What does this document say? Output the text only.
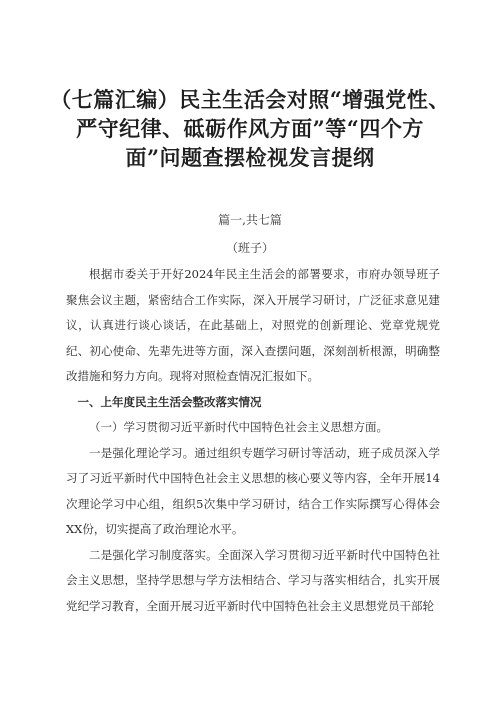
（七篇汇编）民主生活会对照“增强党性、严守纪律、砥砺作风方面”等“四个方面”问题查摆检视发言提纲

篇一,共七篇

（班子）

根据市委关于开好2024年民主生活会的部署要求，市府办领导班子聚焦会议主题，紧密结合工作实际，深入开展学习研讨，广泛征求意见建议，认真进行谈心谈话，在此基础上，对照党的创新理论、党章党规党纪、初心使命、先辈先进等方面，深入查摆问题，深刻剖析根源，明确整改措施和努力方向。现将对照检查情况汇报如下。

一、上年度民主生活会整改落实情况

（一）学习贯彻习近平新时代中国特色社会主义思想方面。

一是强化理论学习。通过组织专题学习研讨等活动，班子成员深入学习了习近平新时代中国特色社会主义思想的核心要义等内容，全年开展14次理论学习中心组，组织5次集中学习研讨，结合工作实际撰写心得体会XX份，切实提高了政治理论水平。

二是强化学习制度落实。全面深入学习贯彻习近平新时代中国特色社会主义思想，坚持学思想与学方法相结合、学习与落实相结合，扎实开展党纪学习教育，全面开展习近平新时代中国特色社会主义思想党员干部轮
